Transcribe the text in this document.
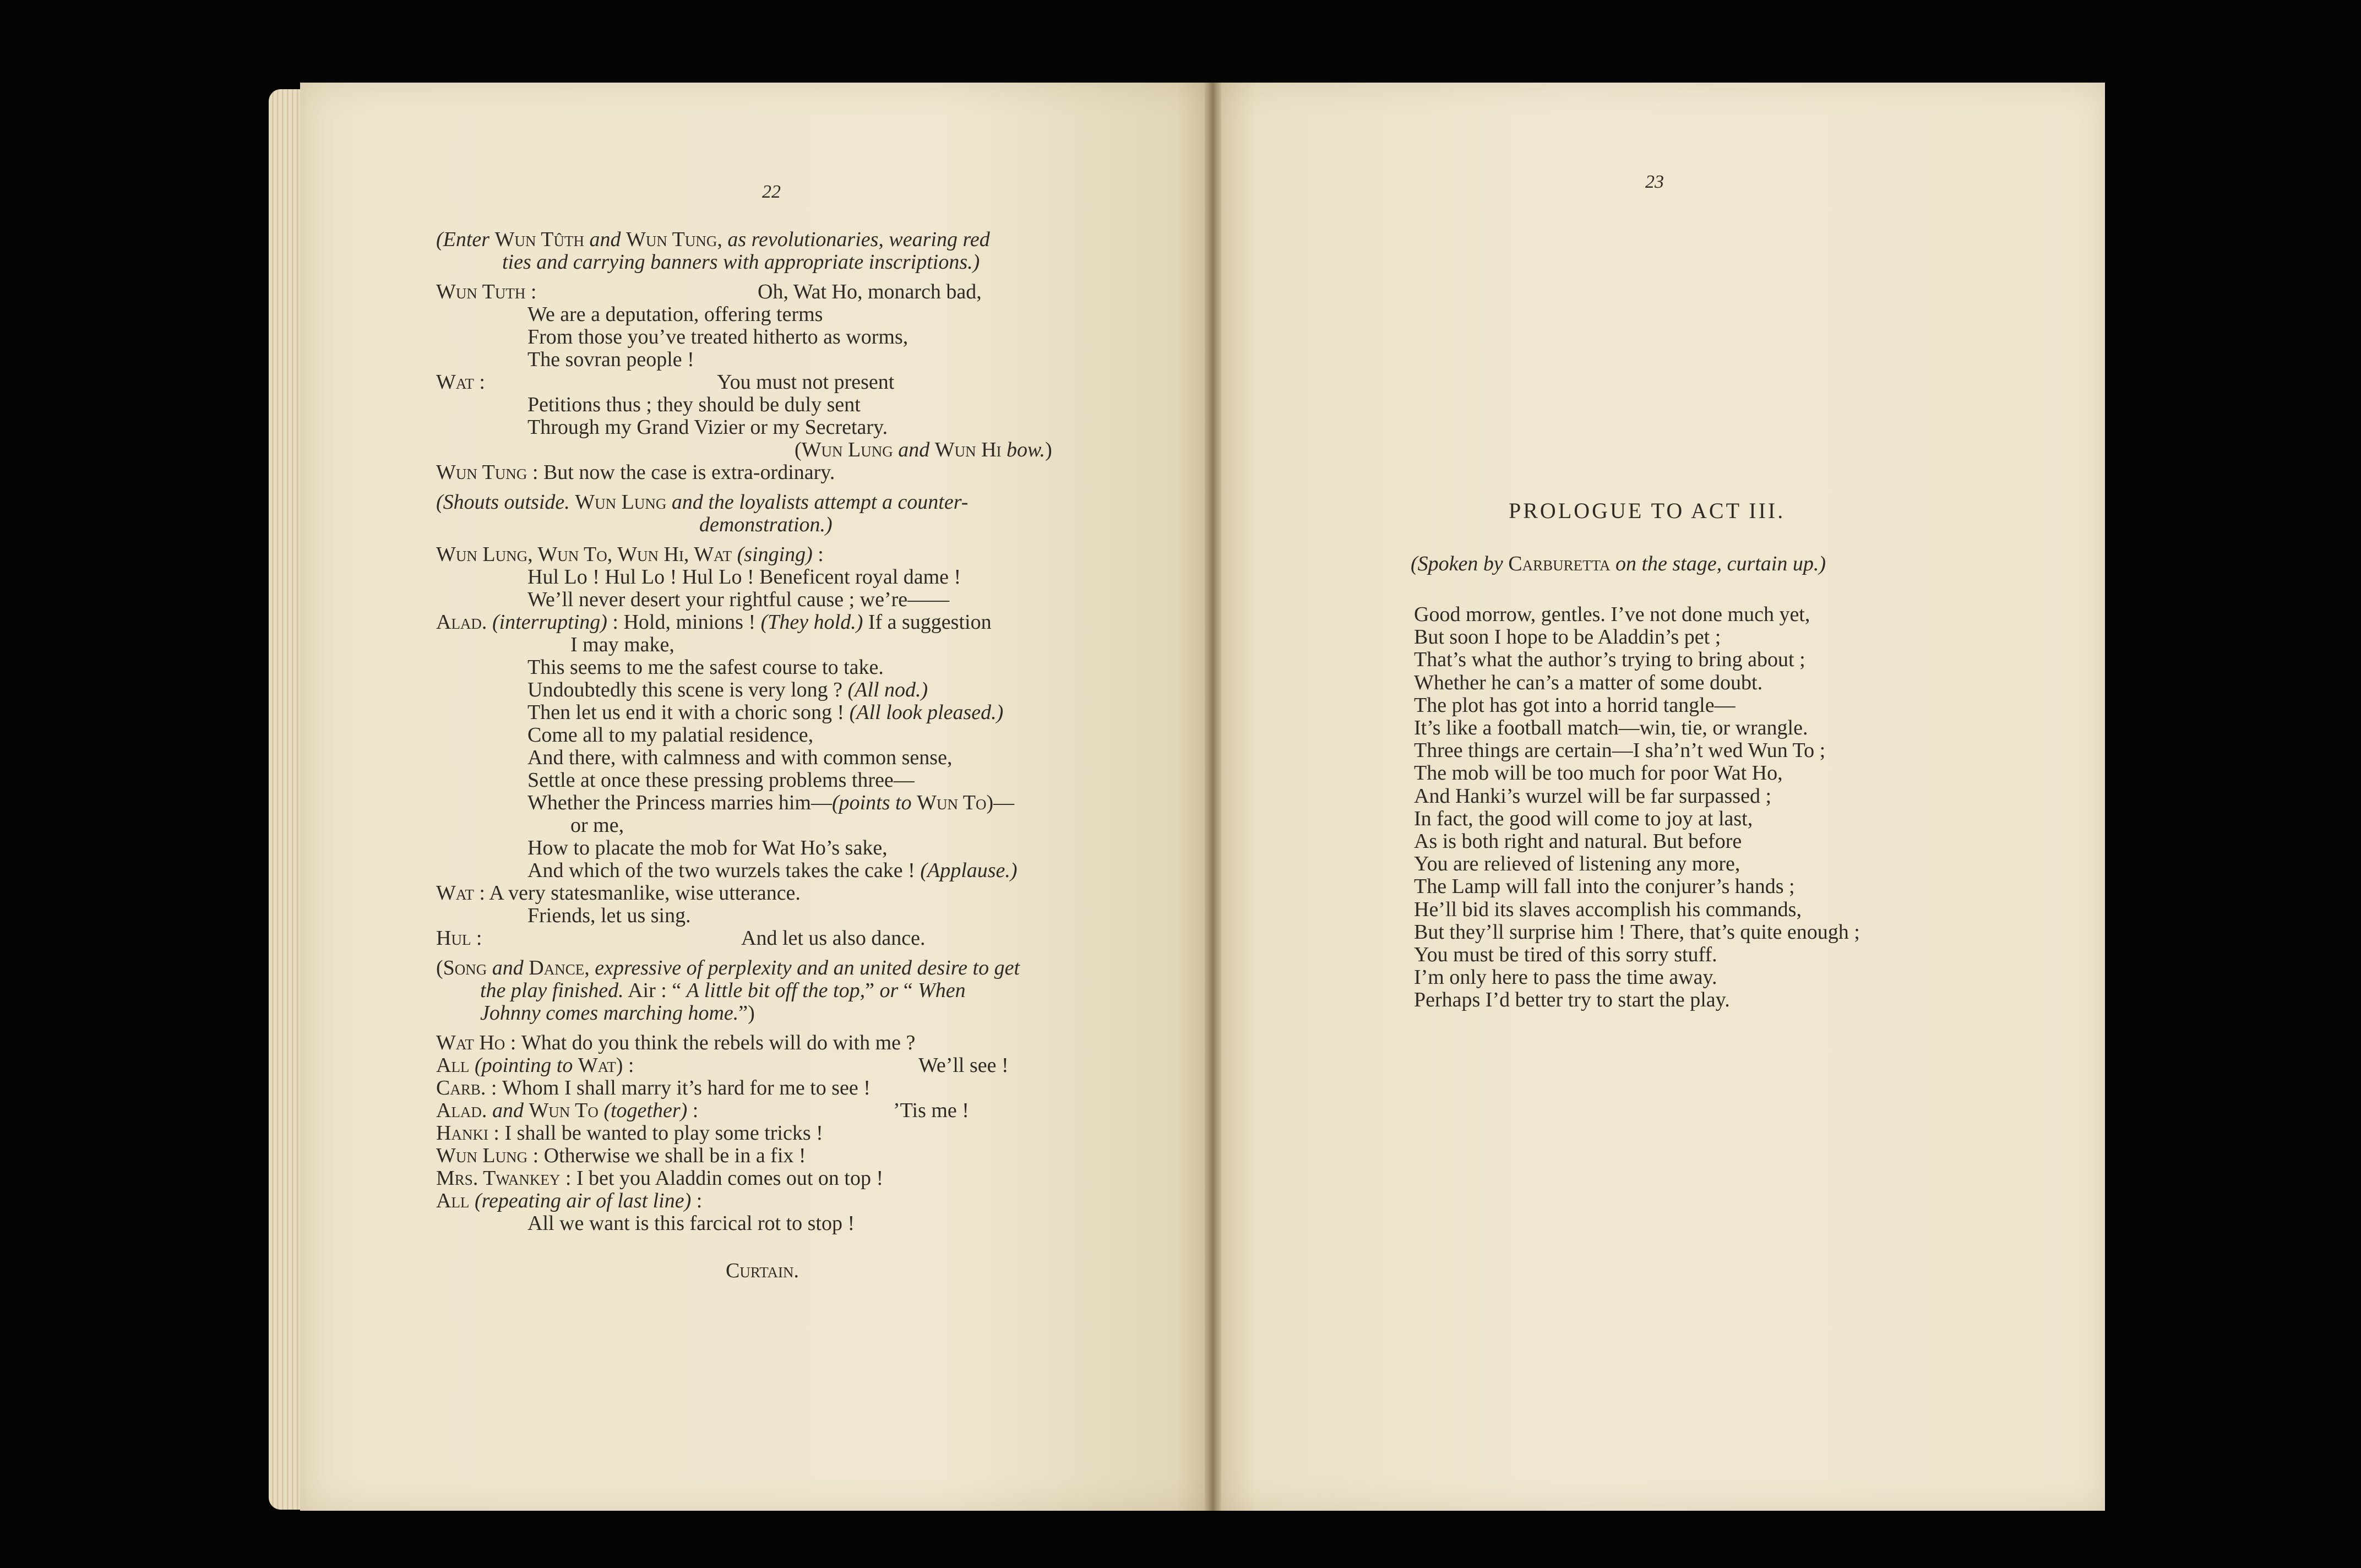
22	23
(Enter Wun Tûth and Wun Tung, as revolutionaries, wearing red
ties and carrying banners with appropriate inscriptions.)
Wun Tuth :	Oh, Wat Ho, monarch bad,
We are a deputation, offering terms
From those you’ve treated hitherto as worms,
The sovran people !
Wat :	You must not present
Petitions thus ; they should be duly sent
Through my Grand Vizier or my Secretary.
(Wun Lung and Wun Hi bow.)
Wun Tung : But now the case is extra-ordinary.
(Shouts outside. Wun Lung and the loyalists attempt a counter-
demonstration.)
Wun Lung, Wun To, Wun Hi, Wat (singing) :
Hul Lo ! Hul Lo ! Hul Lo ! Beneficent royal dame !
We’ll never desert your rightful cause ; we’re——
Alad. (interrupting) : Hold, minions ! (They hold.) If a suggestion
I may make,
This seems to me the safest course to take.
Undoubtedly this scene is very long ? (All nod.)
Then let us end it with a choric song ! (All look pleased.)
Come all to my palatial residence,
And there, with calmness and with common sense,
Settle at once these pressing problems three—
Whether the Princess marries him—(points to Wun To)—
or me,
How to placate the mob for Wat Ho’s sake,
And which of the two wurzels takes the cake ! (Applause.)
Wat : A very statesmanlike, wise utterance.
Friends, let us sing.
Hul :	And let us also dance.
(Song and Dance, expressive of perplexity and an united desire to get
the play finished. Air : “ A little bit off the top,” or “ When
Johnny comes marching home.”)
Wat Ho : What do you think the rebels will do with me ?
All (pointing to Wat) :	We’ll see !
Carb. : Whom I shall marry it’s hard for me to see !
Alad. and Wun To (together) :	’Tis me !
Hanki : I shall be wanted to play some tricks !
Wun Lung : Otherwise we shall be in a fix !
Mrs. Twankey : I bet you Aladdin comes out on top !
All (repeating air of last line) :
All we want is this farcical rot to stop !
Curtain.
PROLOGUE TO ACT III.
(Spoken by Carburetta on the stage, curtain up.)
Good morrow, gentles. I’ve not done much yet,
But soon I hope to be Aladdin’s pet ;
That’s what the author’s trying to bring about ;
Whether he can’s a matter of some doubt.
The plot has got into a horrid tangle—
It’s like a football match—win, tie, or wrangle.
Three things are certain—I sha’n’t wed Wun To ;
The mob will be too much for poor Wat Ho,
And Hanki’s wurzel will be far surpassed ;
In fact, the good will come to joy at last,
As is both right and natural. But before
You are relieved of listening any more,
The Lamp will fall into the conjurer’s hands ;
He’ll bid its slaves accomplish his commands,
But they’ll surprise him ! There, that’s quite enough ;
You must be tired of this sorry stuff.
I’m only here to pass the time away.
Perhaps I’d better try to start the play.
